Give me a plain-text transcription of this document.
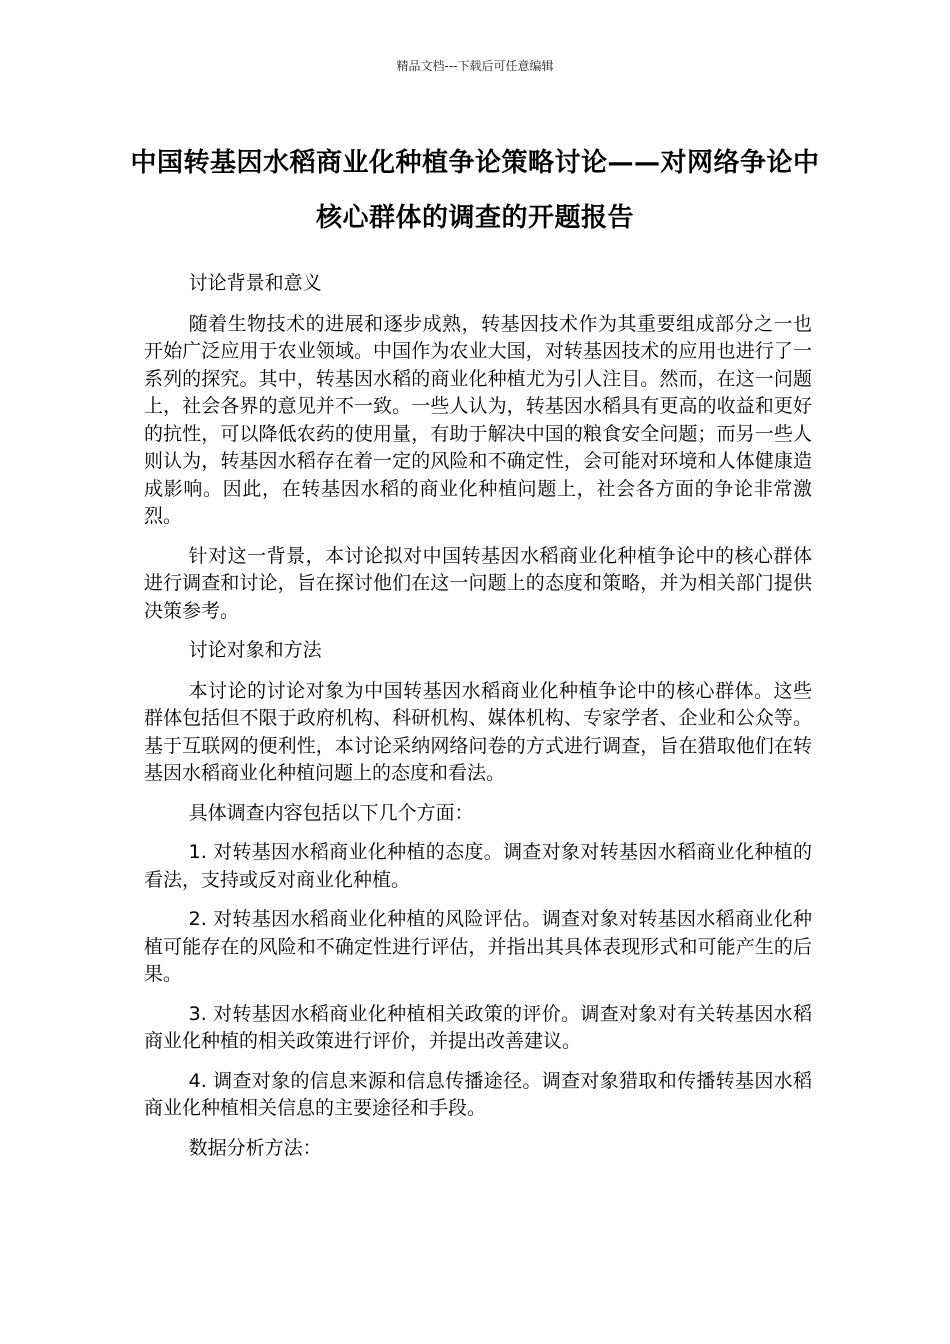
精品文档---下载后可任意编辑
中国转基因水稻商业化种植争论策略讨论——对网络争论中核心群体的调查的开题报告

讨论背景和意义

随着生物技术的进展和逐步成熟，转基因技术作为其重要组成部分之一也开始广泛应用于农业领域。中国作为农业大国，对转基因技术的应用也进行了一系列的探究。其中，转基因水稻的商业化种植尤为引人注目。然而，在这一问题上，社会各界的意见并不一致。一些人认为，转基因水稻具有更高的收益和更好的抗性，可以降低农药的使用量，有助于解决中国的粮食安全问题；而另一些人则认为，转基因水稻存在着一定的风险和不确定性，会可能对环境和人体健康造成影响。因此，在转基因水稻的商业化种植问题上，社会各方面的争论非常激烈。

针对这一背景，本讨论拟对中国转基因水稻商业化种植争论中的核心群体进行调查和讨论，旨在探讨他们在这一问题上的态度和策略，并为相关部门提供决策参考。

讨论对象和方法

本讨论的讨论对象为中国转基因水稻商业化种植争论中的核心群体。这些群体包括但不限于政府机构、科研机构、媒体机构、专家学者、企业和公众等。基于互联网的便利性，本讨论采纳网络问卷的方式进行调查，旨在猎取他们在转基因水稻商业化种植问题上的态度和看法。

具体调查内容包括以下几个方面：

1. 对转基因水稻商业化种植的态度。调查对象对转基因水稻商业化种植的看法，支持或反对商业化种植。

2. 对转基因水稻商业化种植的风险评估。调查对象对转基因水稻商业化种植可能存在的风险和不确定性进行评估，并指出其具体表现形式和可能产生的后果。

3. 对转基因水稻商业化种植相关政策的评价。调查对象对有关转基因水稻商业化种植的相关政策进行评价，并提出改善建议。

4. 调查对象的信息来源和信息传播途径。调查对象猎取和传播转基因水稻商业化种植相关信息的主要途径和手段。

数据分析方法：
